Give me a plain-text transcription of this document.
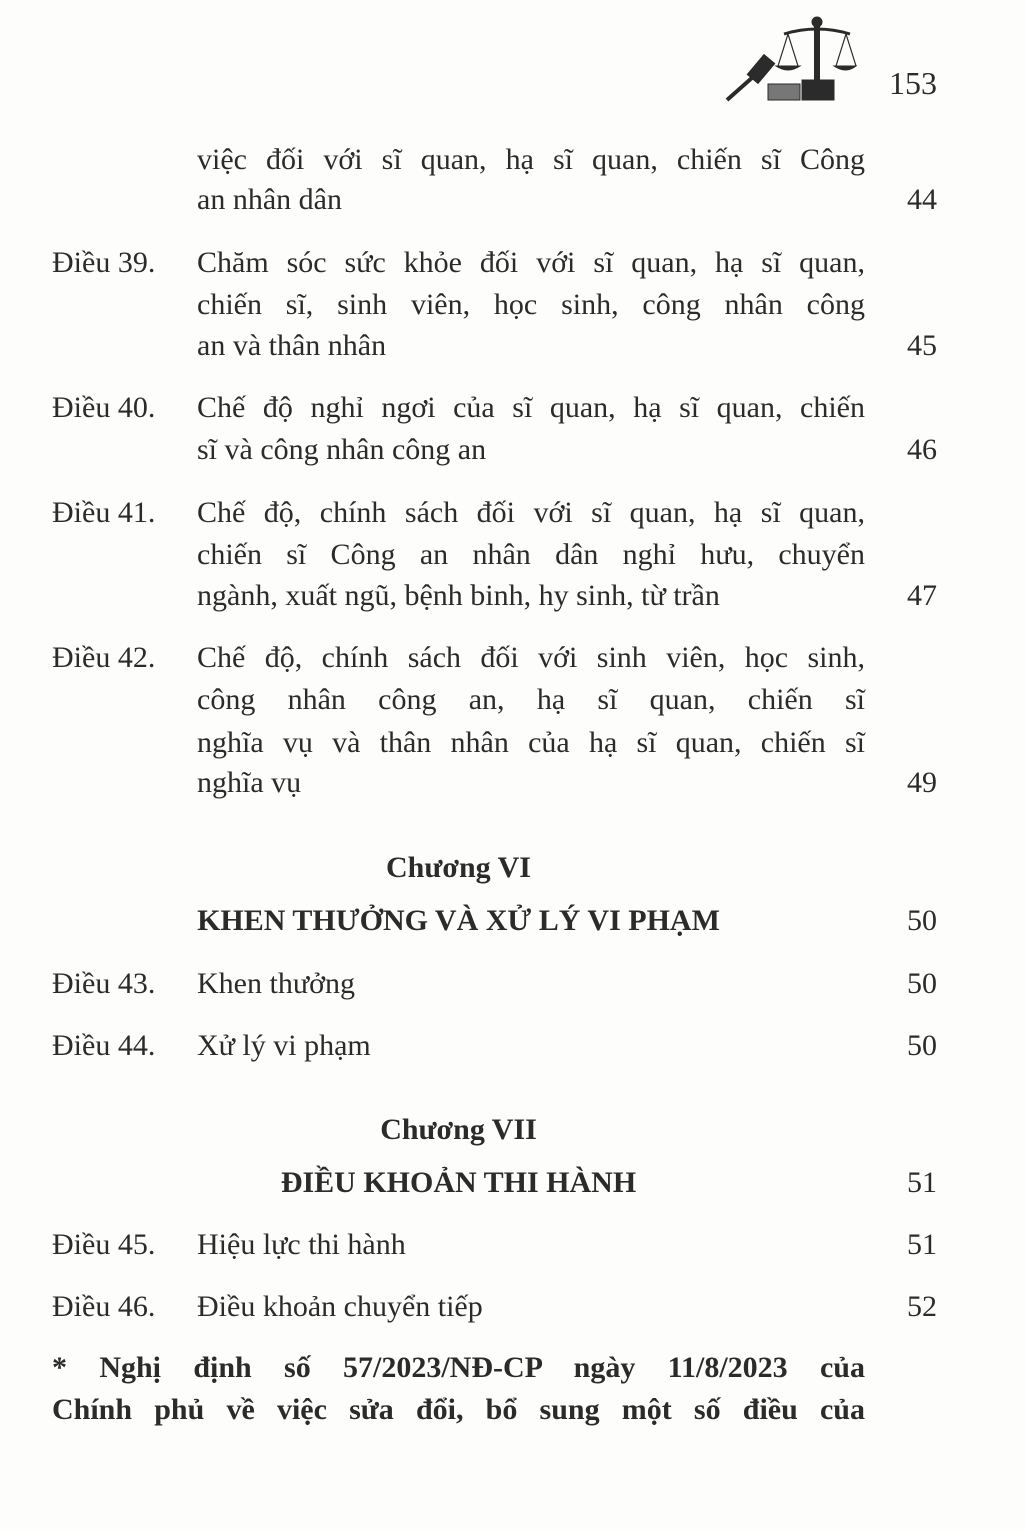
153
việc đối với sĩ quan, hạ sĩ quan, chiến sĩ Công
an nhân dân	44
Điều 39. Chăm sóc sức khỏe đối với sĩ quan, hạ sĩ quan,
chiến sĩ, sinh viên, học sinh, công nhân công
an và thân nhân	45
Điều 40. Chế độ nghỉ ngơi của sĩ quan, hạ sĩ quan, chiến
sĩ và công nhân công an	46
Điều 41. Chế độ, chính sách đối với sĩ quan, hạ sĩ quan,
chiến sĩ Công an nhân dân nghỉ hưu, chuyển
ngành, xuất ngũ, bệnh binh, hy sinh, từ trần	47
Điều 42. Chế độ, chính sách đối với sinh viên, học sinh,
công nhân công an, hạ sĩ quan, chiến sĩ
nghĩa vụ và thân nhân của hạ sĩ quan, chiến sĩ
nghĩa vụ	49
Chương VI
KHEN THƯỞNG VÀ XỬ LÝ VI PHẠM	50
Điều 43. Khen thưởng	50
Điều 44. Xử lý vi phạm	50
Chương VII
ĐIỀU KHOẢN THI HÀNH	51
Điều 45. Hiệu lực thi hành	51
Điều 46. Điều khoản chuyển tiếp	52
* Nghị định số 57/2023/NĐ-CP ngày 11/8/2023 của
Chính phủ về việc sửa đổi, bổ sung một số điều của
